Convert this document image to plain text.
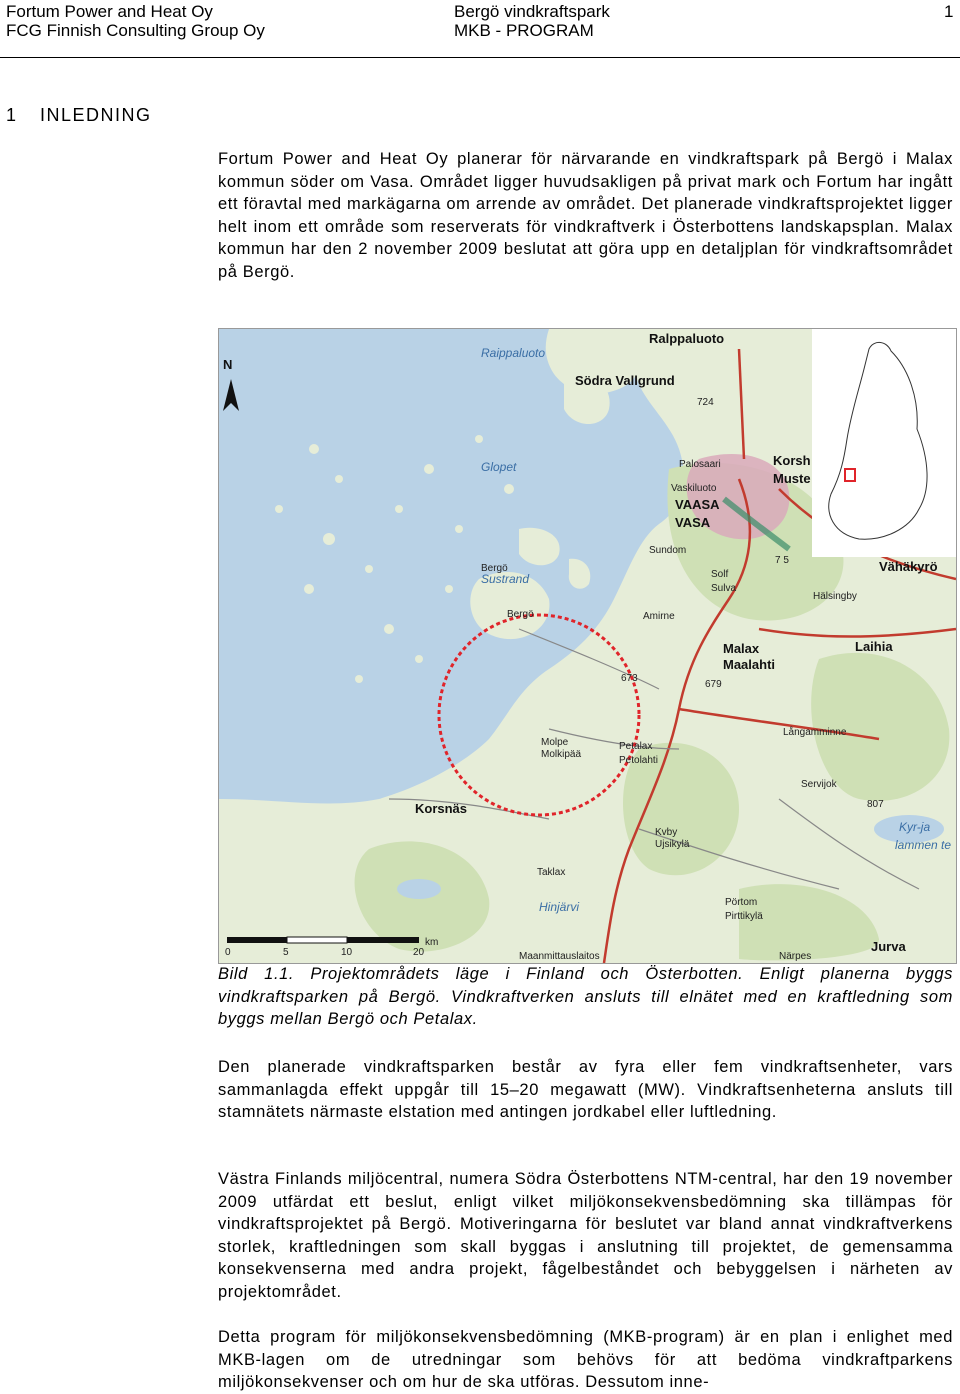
Fortum Power and Heat Oy
FCG Finnish Consulting Group Oy
Bergö vindkraftspark
MKB - PROGRAM
1
1 INLEDNING

Fortum Power and Heat Oy planerar för närvarande en vindkraftspark på Bergö i Malax kommun söder om Vasa. Området ligger huvudsakligen på privat mark och Fortum har ingått ett föravtal med markägarna om arrende av området. Det planerade vindkraftsprojektet ligger helt inom ett område som reserverats för vindkraftverk i Österbottens landskapsplan. Malax kommun har den 2 november 2009 beslutat att göra upp en detaljplan för vindkraftsområdet på Bergö.

N
0	5	10	20
km
Maanmittauslaitos
Ralppaluoto
Raippaluoto
Södra Vallgrund
Glopet	Palosaari
Vaskiluoto
VAASA
VASA
Korsh
Muste
Sundom
Solf
Sulva
Bergö
Sustrand
Bergö	Amirne
Malax
Maalahti
Laihia
Vähäkyrö
Hälsingby
Molpe
Molkipää
Petalax
Petolahti
Korsnäs
Kvby
Ujsikylä
Taklax
Hinjärvi	Pörtom
Pirttikylä
Jurva
Närpes
Långamminne
Servijok
Kyr-ja
lammen te
724
673
679
807
7 5

Bild 1.1. Projektområdets läge i Finland och Österbotten. Enligt planerna byggs vindkraftsparken på Bergö. Vindkraftverken ansluts till elnätet med en kraftledning som byggs mellan Bergö och Petalax.

Den planerade vindkraftsparken består av fyra eller fem vindkraftsenheter, vars sammanlagda effekt uppgår till 15–20 megawatt (MW). Vindkraftsenheterna ansluts till stamnätets närmaste elstation med antingen jordkabel eller luftledning.

Västra Finlands miljöcentral, numera Södra Österbottens NTM-central, har den 19 november 2009 utfärdat ett beslut, enligt vilket miljökonsekvensbedömning ska tillämpas för vindkraftsprojektet på Bergö. Motiveringarna för beslutet var bland annat vindkraftverkens storlek, kraftledningen som skall byggas i anslutning till projektet, de gemensamma konsekvenserna med andra projekt, fågelbeståndet och bebyggelsen i närheten av projektområdet.

Detta program för miljökonsekvensbedömning (MKB-program) är en plan i enlighet med MKB-lagen om de utredningar som behövs för att bedöma vindkraftparkens miljökonsekvenser och om hur de ska utföras. Dessutom inne-
